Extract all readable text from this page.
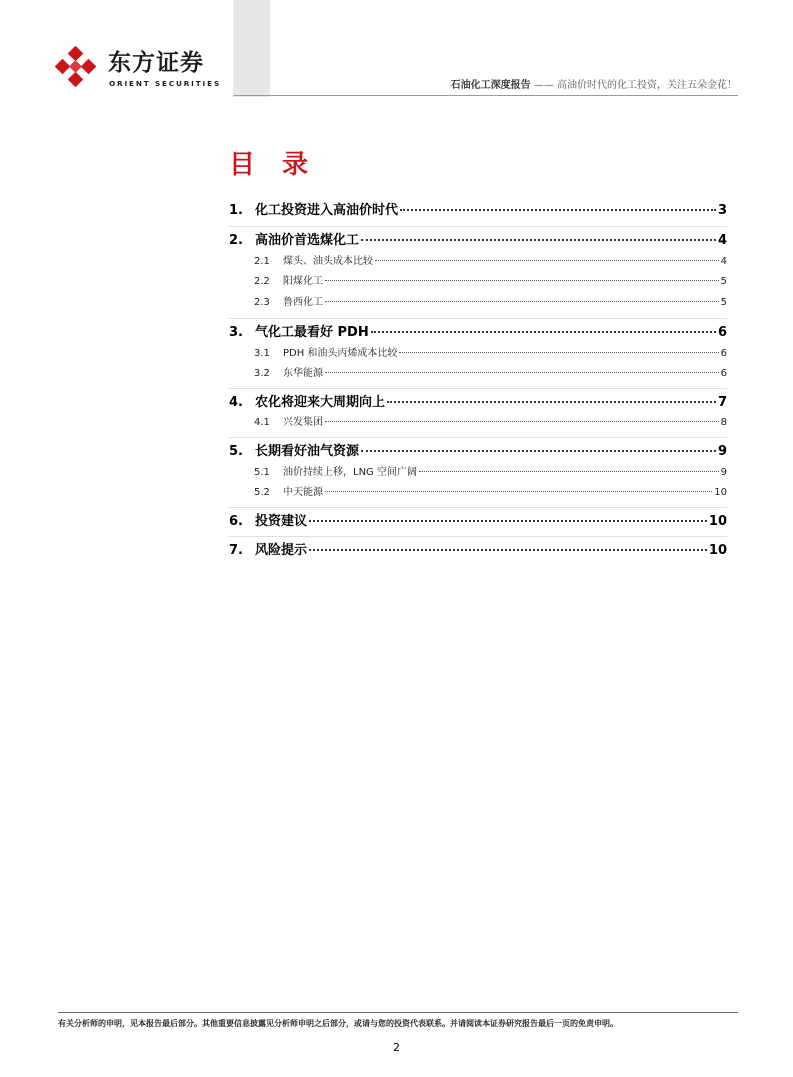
东方证券
ORIENT SECURITIES	石油化工深度报告 —— 高油价时代的化工投资，关注五朵金花！
目 录
1. 化工投资进入高油价时代	3
2. 高油价首选煤化工	4
2.1	煤头、油头成本比较	4
2.2	阳煤化工	5
2.3	鲁西化工	5
3. 气化工最看好 PDH	6
3.1	PDH 和油头丙烯成本比较	6
3.2	东华能源	6
4. 农化将迎来大周期向上	7
4.1	兴发集团	8
5. 长期看好油气资源	9
5.1	油价持续上移，LNG 空间广阔	9
5.2	中天能源	10
6. 投资建议	10
7. 风险提示	10
有关分析师的申明，见本报告最后部分。其他重要信息披露见分析师申明之后部分，或请与您的投资代表联系。并请阅读本证券研究报告最后一页的免责申明。
2
